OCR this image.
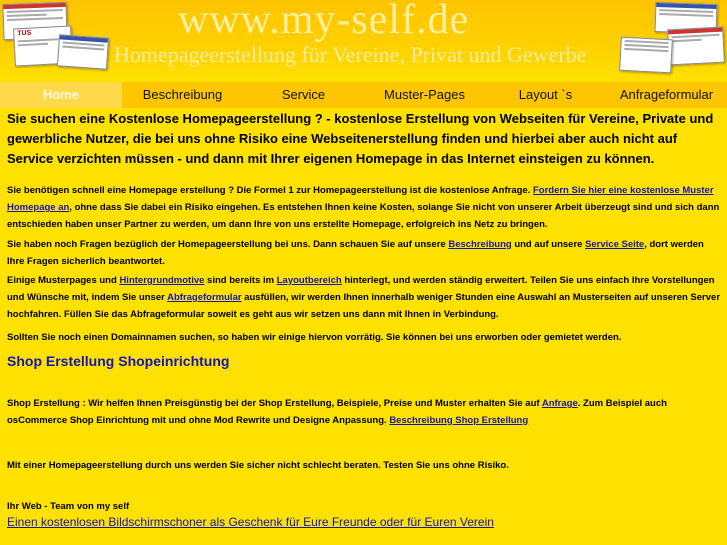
TUS	www.my-self.de
Homepageerstellung für Vereine, Privat und Gewerbe
Home	Beschreibung	Service	Muster-Pages	Layout `s	Anfrageformular
Sie suchen eine Kostenlose Homepageerstellung ? - kostenlose Erstellung von Webseiten für Vereine, Private und gewerbliche Nutzer, die bei uns ohne Risiko eine Webseitenerstellung finden und hierbei aber auch nicht auf Service verzichten müssen - und dann mit Ihrer eigenen Homepage in das Internet einsteigen zu können.

Sie benötigen schnell eine Homepage erstellung ? Die Formel 1 zur Homepageerstellung ist die kostenlose Anfrage. Fordern Sie hier eine kostenlose Muster Homepage an, ohne dass Sie dabei ein Risiko eingehen. Es entstehen Ihnen keine Kosten, solange Sie nicht von unserer Arbeit überzeugt sind und sich dann entschieden haben unser Partner zu werden, um dann Ihre von uns erstellte Homepage, erfolgreich ins Netz zu bringen.

Sie haben noch Fragen bezüglich der Homepageerstellung bei uns. Dann schauen Sie auf unsere Beschreibung und auf unsere Service Seite, dort werden Ihre Fragen sicherlich beantwortet.

Einige Musterpages und Hintergrundmotive sind bereits im Layoutbereich hinterlegt, und werden ständig erweitert. Teilen Sie uns einfach Ihre Vorstellungen und Wünsche mit, indem Sie unser Abfrageformular ausfüllen, wir werden Ihnen innerhalb weniger Stunden eine Auswahl an Musterseiten auf unseren Server hochfahren. Füllen Sie das Abfrageformular soweit es geht aus wir setzen uns dann mit Ihnen in Verbindung.

Sollten Sie noch einen Domainnamen suchen, so haben wir einige hiervon vorrätig. Sie können bei uns erworben oder gemietet werden.

Shop Erstellung Shopeinrichtung

Shop Erstellung : Wir helfen Ihnen Preisgünstig bei der Shop Erstellung, Beispiele, Preise und Muster erhalten Sie auf Anfrage. Zum Beispiel auch osCommerce Shop Einrichtung mit und ohne Mod Rewrite und Designe Anpassung. Beschreibung Shop Erstellung

Mit einer Homepageerstellung durch uns werden Sie sicher nicht schlecht beraten. Testen Sie uns ohne Risiko.

Ihr Web - Team von my self

Einen kostenlosen Bildschirmschoner als Geschenk für Eure Freunde oder für Euren Verein
